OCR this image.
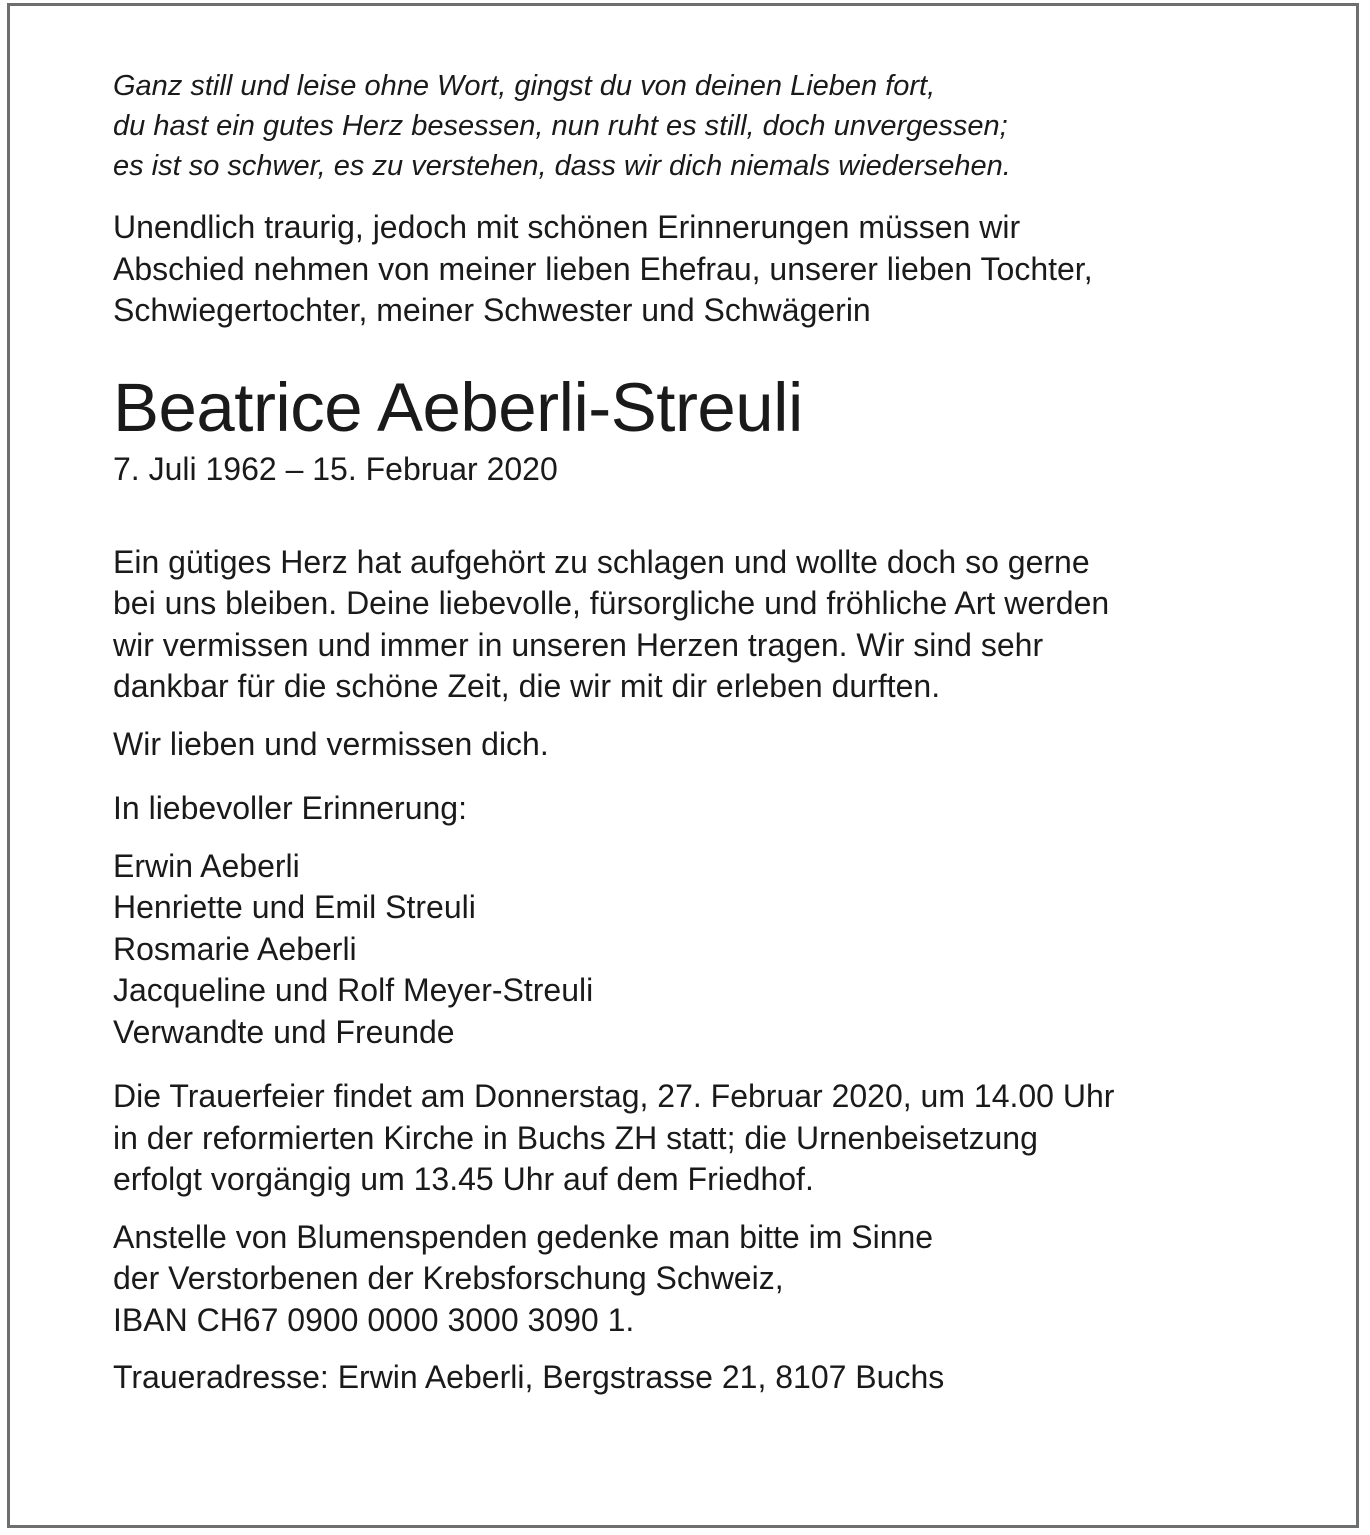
Ganz still und leise ohne Wort, gingst du von deinen Lieben fort,

du hast ein gutes Herz besessen, nun ruht es still, doch unvergessen;

es ist so schwer, es zu verstehen, dass wir dich niemals wiedersehen.

Unendlich traurig, jedoch mit schönen Erinnerungen müssen wir

Abschied nehmen von meiner lieben Ehefrau, unserer lieben Tochter,

Schwiegertochter, meiner Schwester und Schwägerin

Beatrice Aeberli-Streuli
7. Juli 1962 – 15. Februar 2020

Ein gütiges Herz hat aufgehört zu schlagen und wollte doch so gerne

bei uns bleiben. Deine liebevolle, fürsorgliche und fröhliche Art werden

wir vermissen und immer in unseren Herzen tragen. Wir sind sehr

dankbar für die schöne Zeit, die wir mit dir erleben durften.

Wir lieben und vermissen dich.

In liebevoller Erinnerung:

Erwin Aeberli

Henriette und Emil Streuli

Rosmarie Aeberli

Jacqueline und Rolf Meyer-Streuli

Verwandte und Freunde

Die Trauerfeier findet am Donnerstag, 27. Februar 2020, um 14.00 Uhr

in der reformierten Kirche in Buchs ZH statt; die Urnenbeisetzung

erfolgt vorgängig um 13.45 Uhr auf dem Friedhof.

Anstelle von Blumenspenden gedenke man bitte im Sinne

der Verstorbenen der Krebsforschung Schweiz,

IBAN CH67 0900 0000 3000 3090 1.

Traueradresse: Erwin Aeberli, Bergstrasse 21, 8107 Buchs
